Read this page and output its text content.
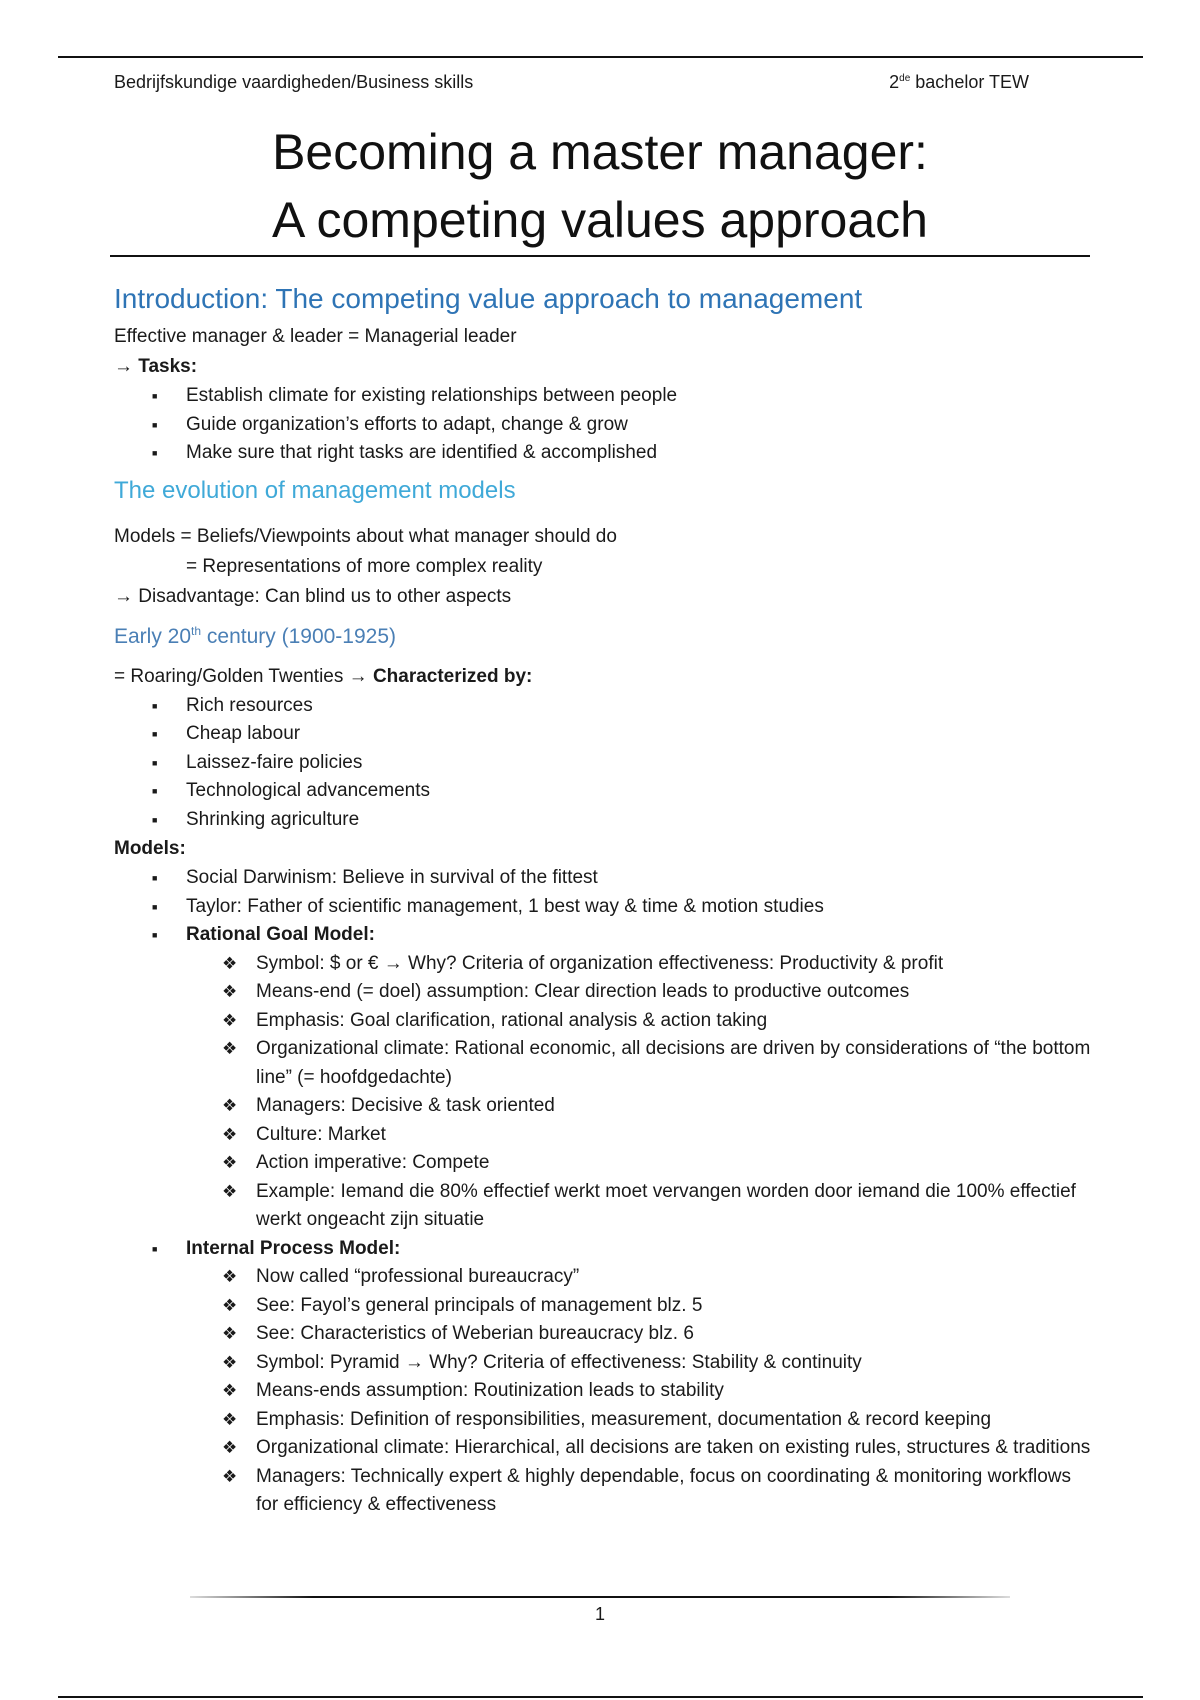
Bedrijfskundige vaardigheden/Business skills	2de bachelor TEW
Becoming a master manager:
A competing values approach
Introduction: The competing value approach to management

Effective manager & leader = Managerial leader

→ Tasks:

■ Establish climate for existing relationships between people
■ Guide organization’s efforts to adapt, change & grow
■ Make sure that right tasks are identified & accomplished
The evolution of management models

Models = Beliefs/Viewpoints about what manager should do

= Representations of more complex reality

→ Disadvantage: Can blind us to other aspects

Early 20th century (1900-1925)

= Roaring/Golden Twenties → Characterized by:

■ Rich resources
■ Cheap labour
■ Laissez-faire policies
■ Technological advancements
■ Shrinking agriculture

Models:

■ Social Darwinism: Believe in survival of the fittest
■ Taylor: Father of scientific management, 1 best way & time & motion studies
■ Rational Goal Model:
❖ Symbol: $ or € → Why? Criteria of organization effectiveness: Productivity & profit
❖ Means-end (= doel) assumption: Clear direction leads to productive outcomes
❖ Emphasis: Goal clarification, rational analysis & action taking
❖ Organizational climate: Rational economic, all decisions are driven by considerations of “the bottom line” (= hoofdgedachte)
❖ Managers: Decisive & task oriented
❖ Culture: Market
❖ Action imperative: Compete
❖ Example: Iemand die 80% effectief werkt moet vervangen worden door iemand die 100% effectief werkt ongeacht zijn situatie
■ Internal Process Model:
❖ Now called “professional bureaucracy”
❖ See: Fayol’s general principals of management blz. 5
❖ See: Characteristics of Weberian bureaucracy blz. 6
❖ Symbol: Pyramid → Why? Criteria of effectiveness: Stability & continuity
❖ Means-ends assumption: Routinization leads to stability
❖ Emphasis: Definition of responsibilities, measurement, documentation & record keeping
❖ Organizational climate: Hierarchical, all decisions are taken on existing rules, structures & traditions
❖ Managers: Technically expert & highly dependable, focus on coordinating & monitoring workflows for efficiency & effectiveness
1
